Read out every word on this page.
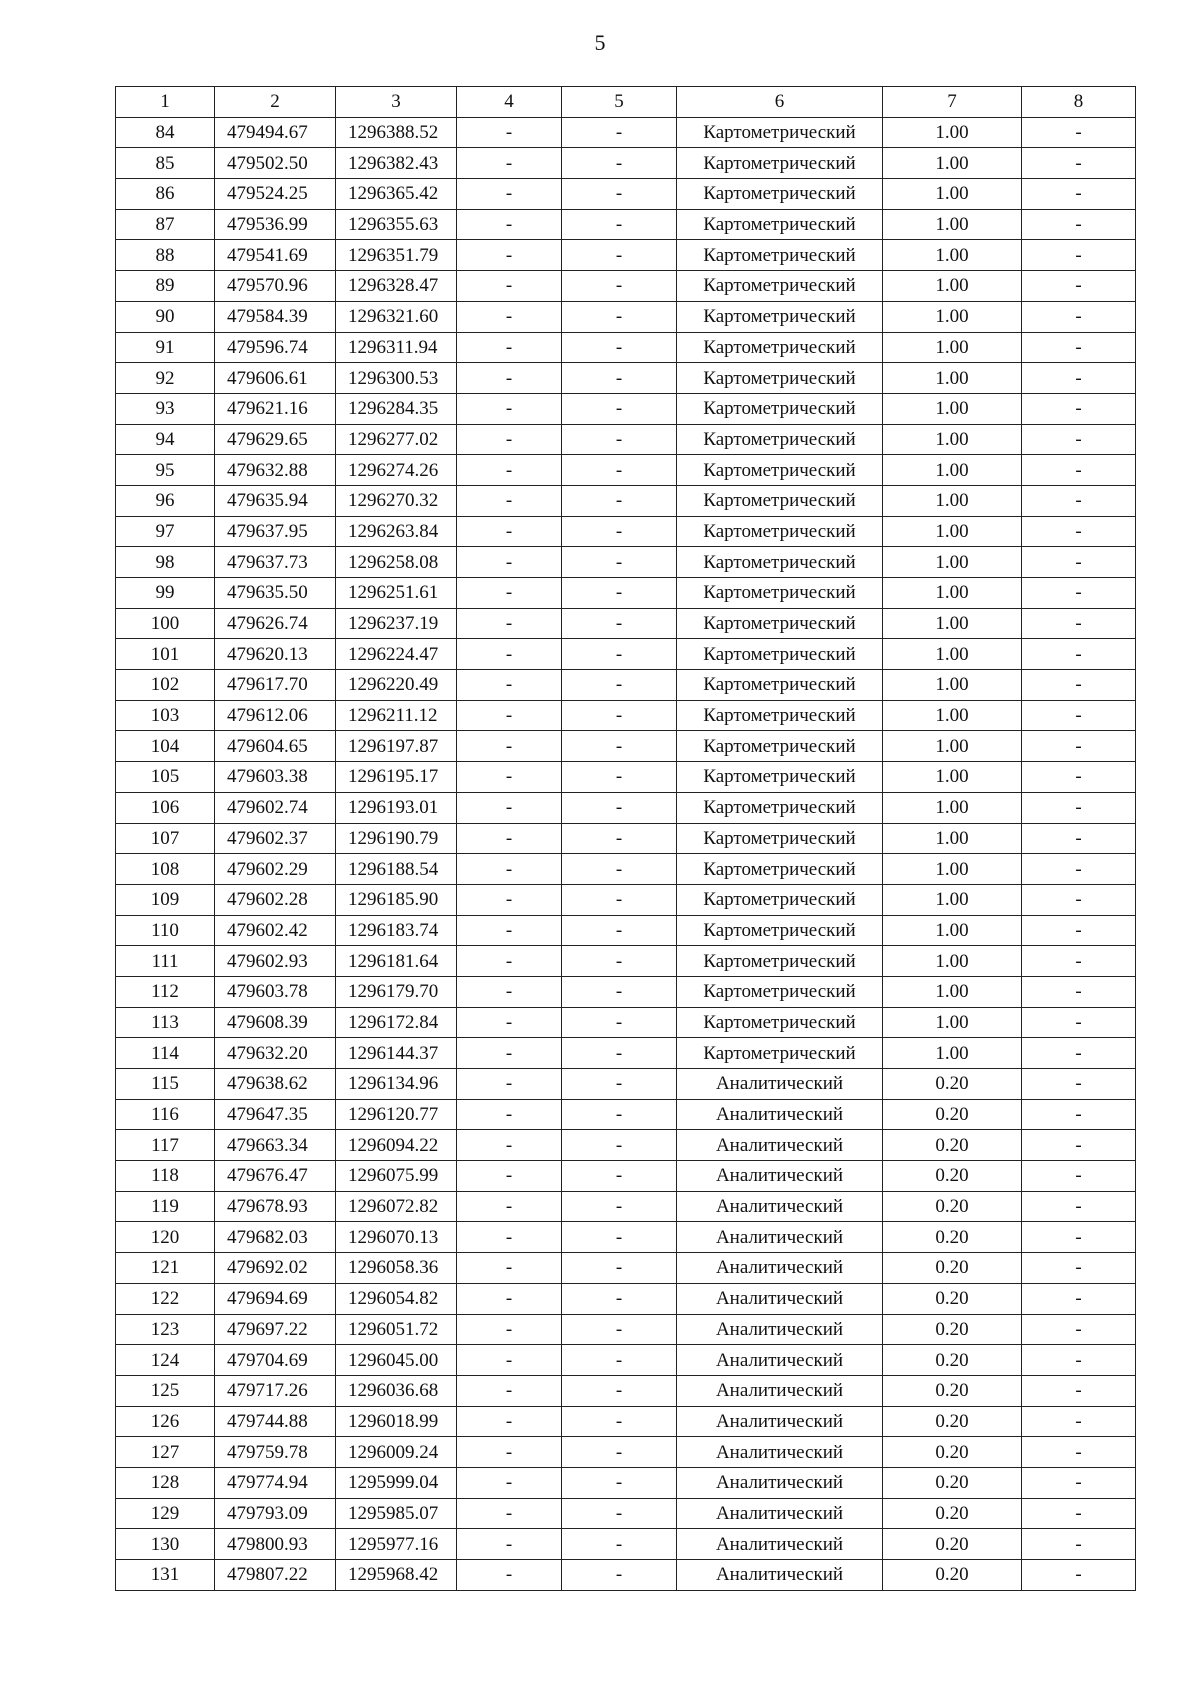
5
1	2	3	4	5	6	7	8
84	479494.67	1296388.52	-	-	Картометрический	1.00	-
85	479502.50	1296382.43	-	-	Картометрический	1.00	-
86	479524.25	1296365.42	-	-	Картометрический	1.00	-
87	479536.99	1296355.63	-	-	Картометрический	1.00	-
88	479541.69	1296351.79	-	-	Картометрический	1.00	-
89	479570.96	1296328.47	-	-	Картометрический	1.00	-
90	479584.39	1296321.60	-	-	Картометрический	1.00	-
91	479596.74	1296311.94	-	-	Картометрический	1.00	-
92	479606.61	1296300.53	-	-	Картометрический	1.00	-
93	479621.16	1296284.35	-	-	Картометрический	1.00	-
94	479629.65	1296277.02	-	-	Картометрический	1.00	-
95	479632.88	1296274.26	-	-	Картометрический	1.00	-
96	479635.94	1296270.32	-	-	Картометрический	1.00	-
97	479637.95	1296263.84	-	-	Картометрический	1.00	-
98	479637.73	1296258.08	-	-	Картометрический	1.00	-
99	479635.50	1296251.61	-	-	Картометрический	1.00	-
100	479626.74	1296237.19	-	-	Картометрический	1.00	-
101	479620.13	1296224.47	-	-	Картометрический	1.00	-
102	479617.70	1296220.49	-	-	Картометрический	1.00	-
103	479612.06	1296211.12	-	-	Картометрический	1.00	-
104	479604.65	1296197.87	-	-	Картометрический	1.00	-
105	479603.38	1296195.17	-	-	Картометрический	1.00	-
106	479602.74	1296193.01	-	-	Картометрический	1.00	-
107	479602.37	1296190.79	-	-	Картометрический	1.00	-
108	479602.29	1296188.54	-	-	Картометрический	1.00	-
109	479602.28	1296185.90	-	-	Картометрический	1.00	-
110	479602.42	1296183.74	-	-	Картометрический	1.00	-
111	479602.93	1296181.64	-	-	Картометрический	1.00	-
112	479603.78	1296179.70	-	-	Картометрический	1.00	-
113	479608.39	1296172.84	-	-	Картометрический	1.00	-
114	479632.20	1296144.37	-	-	Картометрический	1.00	-
115	479638.62	1296134.96	-	-	Аналитический	0.20	-
116	479647.35	1296120.77	-	-	Аналитический	0.20	-
117	479663.34	1296094.22	-	-	Аналитический	0.20	-
118	479676.47	1296075.99	-	-	Аналитический	0.20	-
119	479678.93	1296072.82	-	-	Аналитический	0.20	-
120	479682.03	1296070.13	-	-	Аналитический	0.20	-
121	479692.02	1296058.36	-	-	Аналитический	0.20	-
122	479694.69	1296054.82	-	-	Аналитический	0.20	-
123	479697.22	1296051.72	-	-	Аналитический	0.20	-
124	479704.69	1296045.00	-	-	Аналитический	0.20	-
125	479717.26	1296036.68	-	-	Аналитический	0.20	-
126	479744.88	1296018.99	-	-	Аналитический	0.20	-
127	479759.78	1296009.24	-	-	Аналитический	0.20	-
128	479774.94	1295999.04	-	-	Аналитический	0.20	-
129	479793.09	1295985.07	-	-	Аналитический	0.20	-
130	479800.93	1295977.16	-	-	Аналитический	0.20	-
131	479807.22	1295968.42	-	-	Аналитический	0.20	-
